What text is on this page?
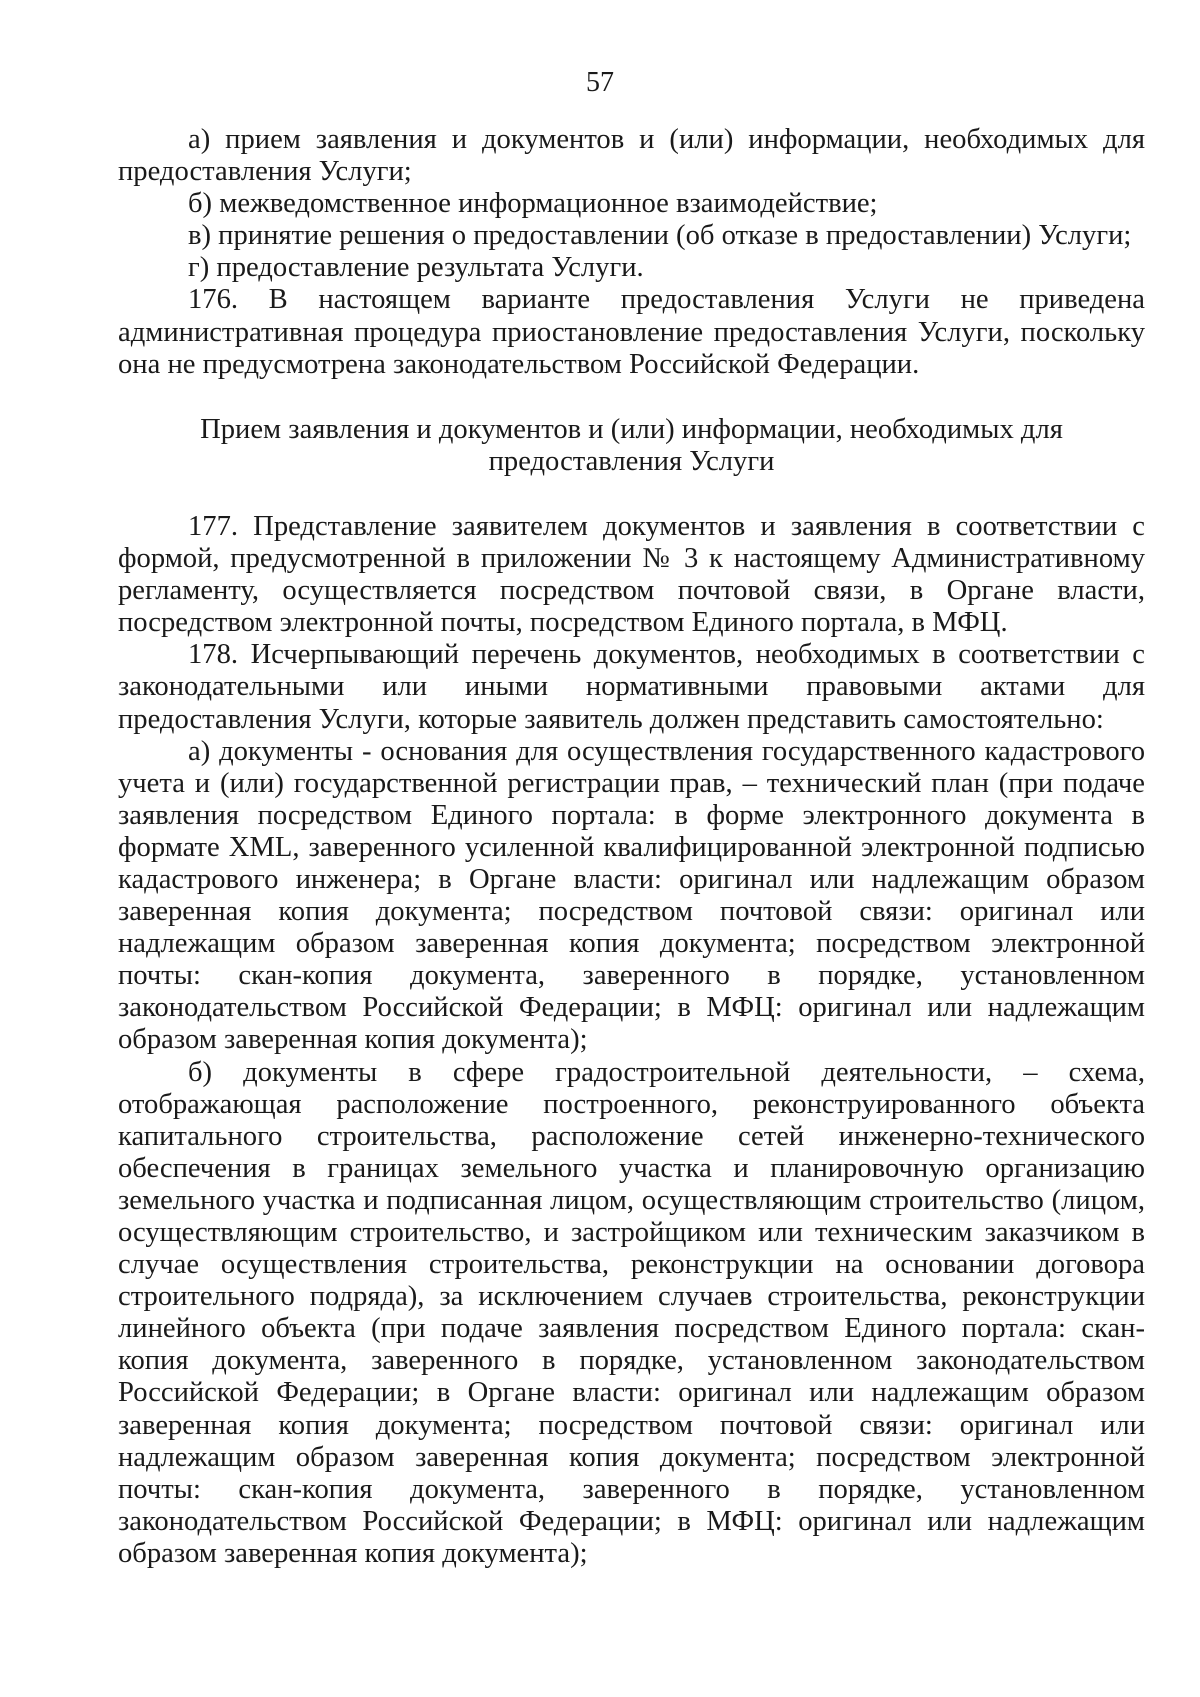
57

а) прием заявления и документов и (или) информации, необходимых для предоставления Услуги;

б) межведомственное информационное взаимодействие;

в) принятие решения о предоставлении (об отказе в предоставлении) Услуги;

г) предоставление результата Услуги.

176. В настоящем варианте предоставления Услуги не приведена административная процедура приостановление предоставления Услуги, поскольку она не предусмотрена законодательством Российской Федерации.

Прием заявления и документов и (или) информации, необходимых для
предоставления Услуги

177. Представление заявителем документов и заявления в соответствии с формой, предусмотренной в приложении № 3 к настоящему Административному регламенту, осуществляется посредством почтовой связи, в Органе власти, посредством электронной почты, посредством Единого портала, в МФЦ.

178. Исчерпывающий перечень документов, необходимых в соответствии с законодательными или иными нормативными правовыми актами для предоставления Услуги, которые заявитель должен представить самостоятельно:

а) документы - основания для осуществления государственного кадастрового учета и (или) государственной регистрации прав, – технический план (при подаче заявления посредством Единого портала: в форме электронного документа в формате XML, заверенного усиленной квалифицированной электронной подписью кадастрового инженера; в Органе власти: оригинал или надлежащим образом заверенная копия документа; посредством почтовой связи: оригинал или надлежащим образом заверенная копия документа; посредством электронной почты: скан-копия документа, заверенного в порядке, установленном законодательством Российской Федерации; в МФЦ: оригинал или надлежащим образом заверенная копия документа);

б) документы в сфере градостроительной деятельности, – схема, отображающая расположение построенного, реконструированного объекта капитального строительства, расположение сетей инженерно-технического обеспечения в границах земельного участка и планировочную организацию земельного участка и подписанная лицом, осуществляющим строительство (лицом, осуществляющим строительство, и застройщиком или техническим заказчиком в случае осуществления строительства, реконструкции на основании договора строительного подряда), за исключением случаев строительства, реконструкции линейного объекта (при подаче заявления посредством Единого портала: скан-копия документа, заверенного в порядке, установленном законодательством Российской Федерации; в Органе власти: оригинал или надлежащим образом заверенная копия документа; посредством почтовой связи: оригинал или надлежащим образом заверенная копия документа; посредством электронной почты: скан-копия документа, заверенного в порядке, установленном законодательством Российской Федерации; в МФЦ: оригинал или надлежащим образом заверенная копия документа);
